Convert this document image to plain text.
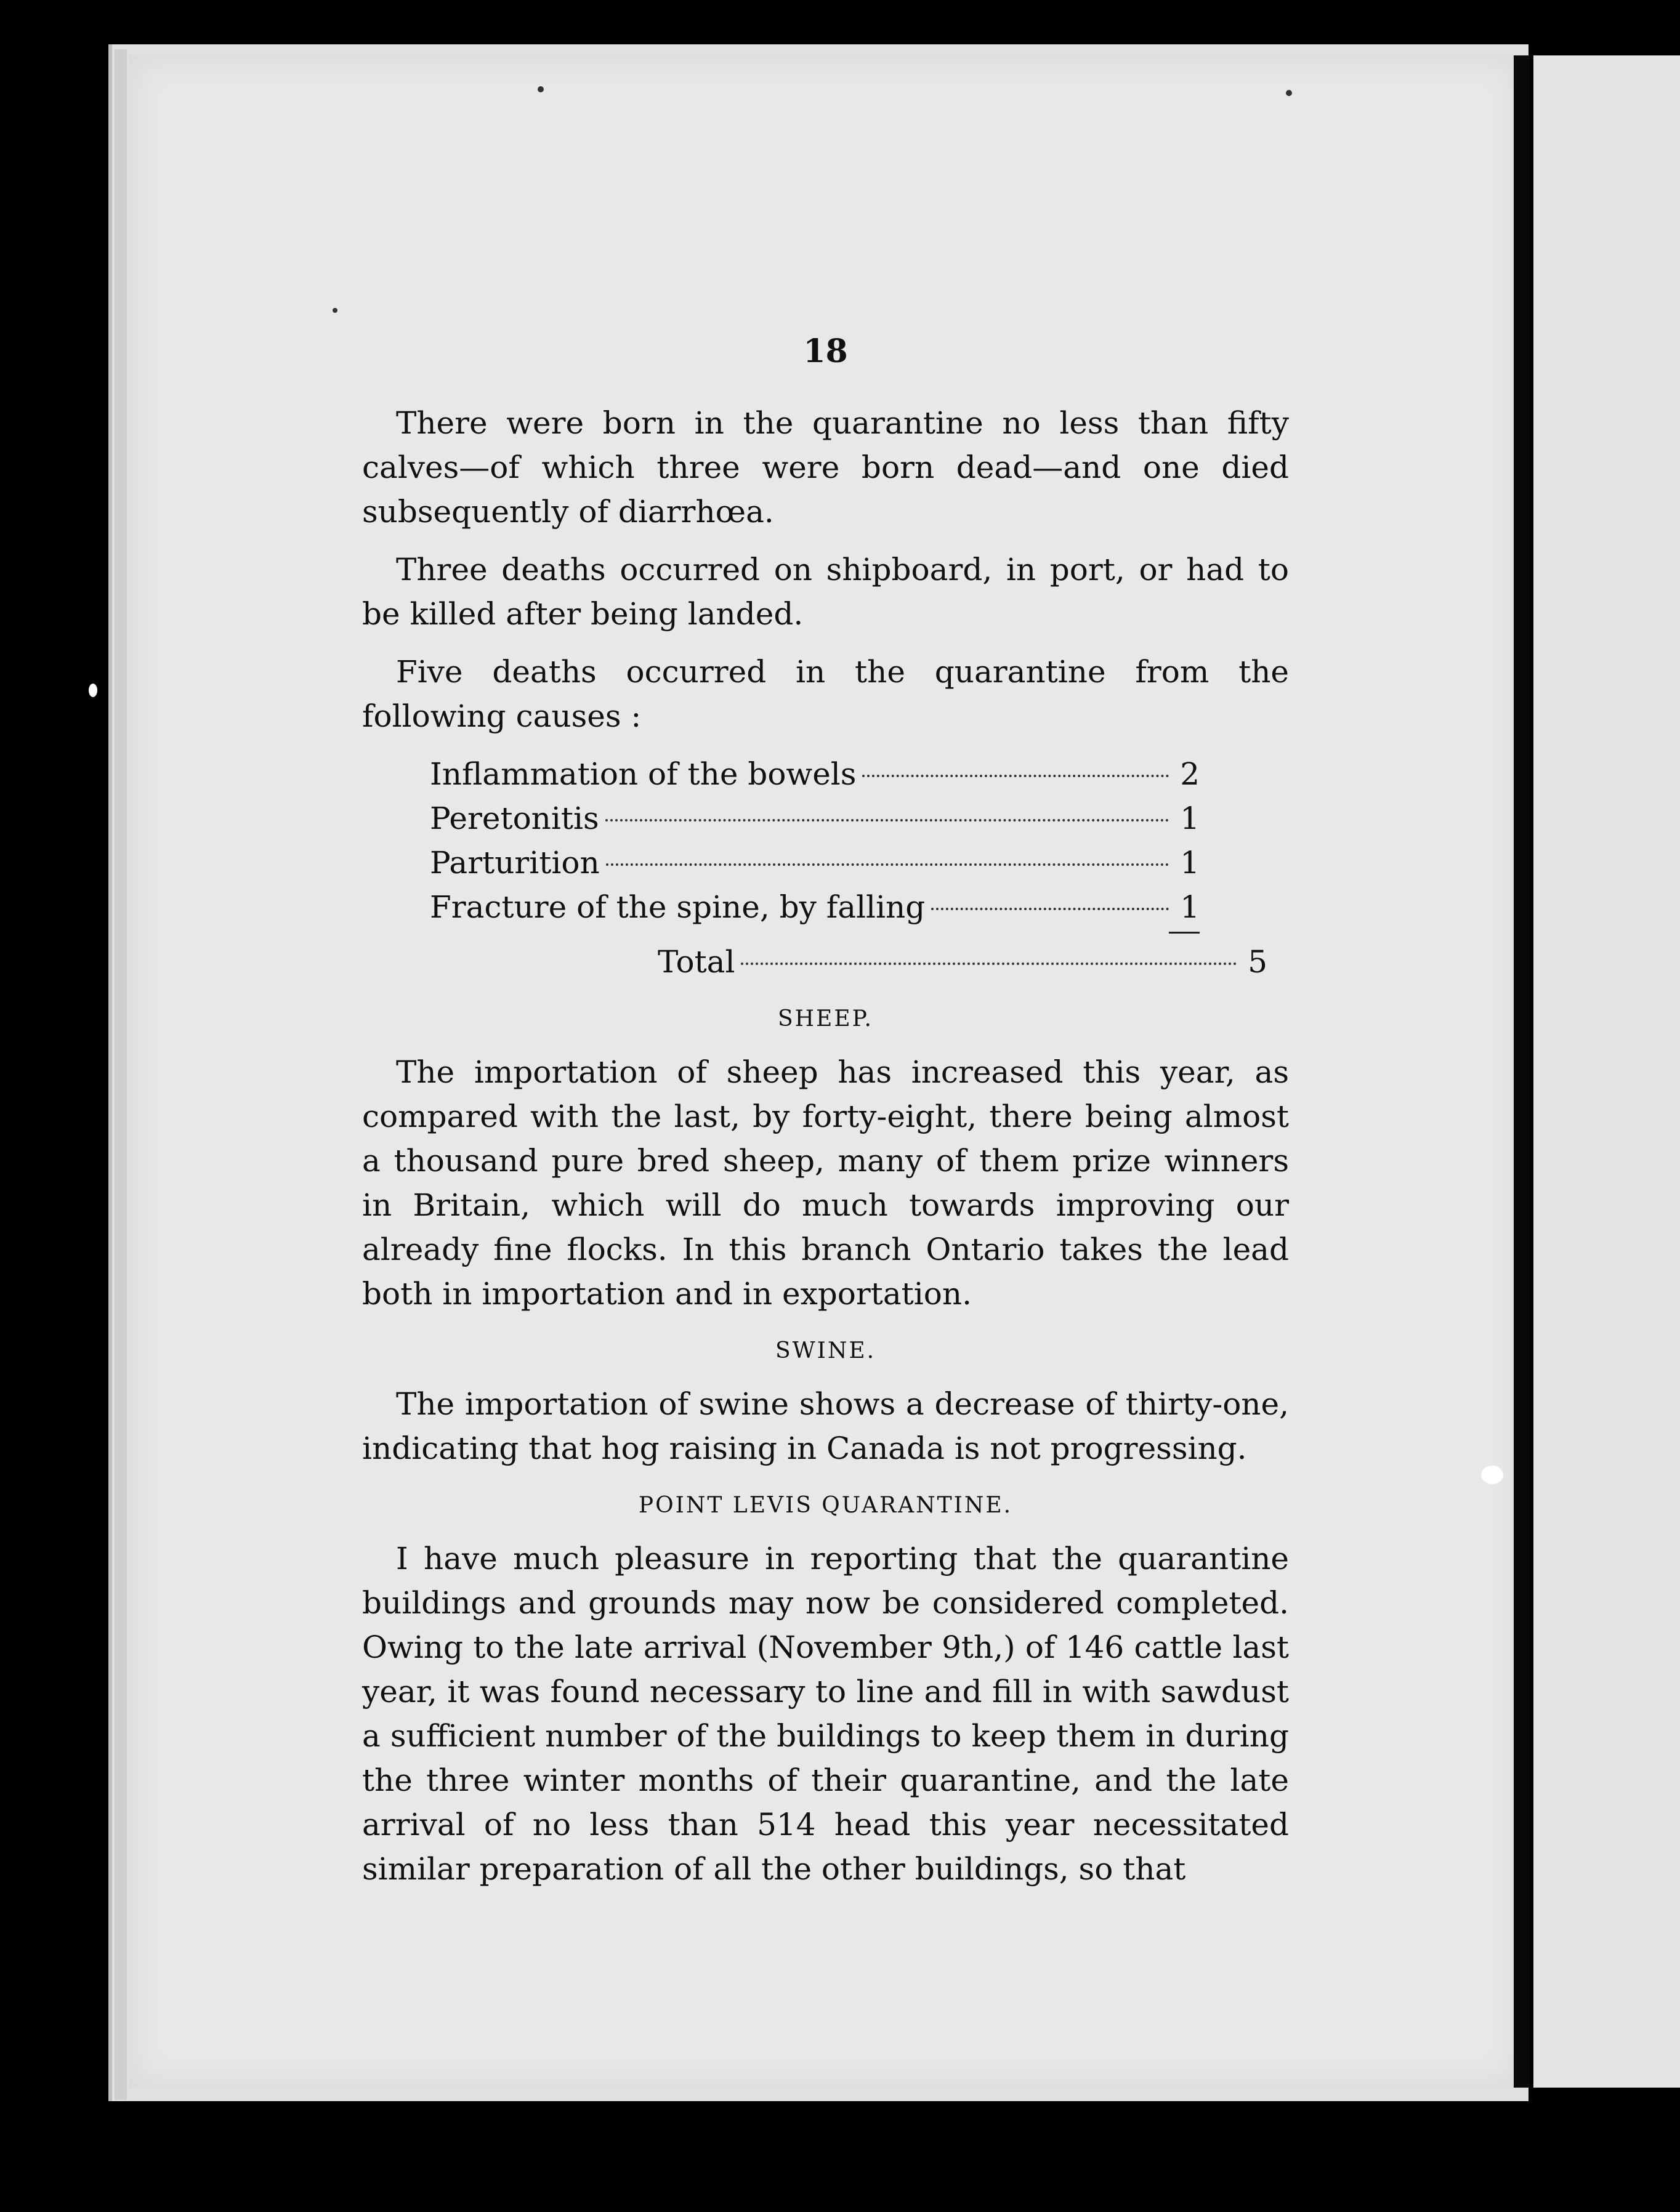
18

There were born in the quarantine no less than fifty calves—of which three were born dead—and one died subsequently of diarrhœa.

Three deaths occurred on shipboard, in port, or had to be killed after being landed.

Five deaths occurred in the quarantine from the following causes :

Inflammation of the bowels	2
Peretonitis	1
Parturition	1
Fracture of the spine, by falling	1
Total	5
SHEEP.

The importation of sheep has increased this year, as compared with the last, by forty-eight, there being almost a thousand pure bred sheep, many of them prize winners in Britain, which will do much towards improving our already fine flocks. In this branch Ontario takes the lead both in importation and in exportation.

SWINE.

The importation of swine shows a decrease of thirty-one, indicating that hog raising in Canada is not progressing.

POINT LEVIS QUARANTINE.

I have much pleasure in reporting that the quarantine buildings and grounds may now be considered completed. Owing to the late arrival (November 9th,) of 146 cattle last year, it was found necessary to line and fill in with sawdust a sufficient number of the buildings to keep them in during the three winter months of their quarantine, and the late arrival of no less than 514 head this year necessitated similar preparation of all the other buildings, so that
